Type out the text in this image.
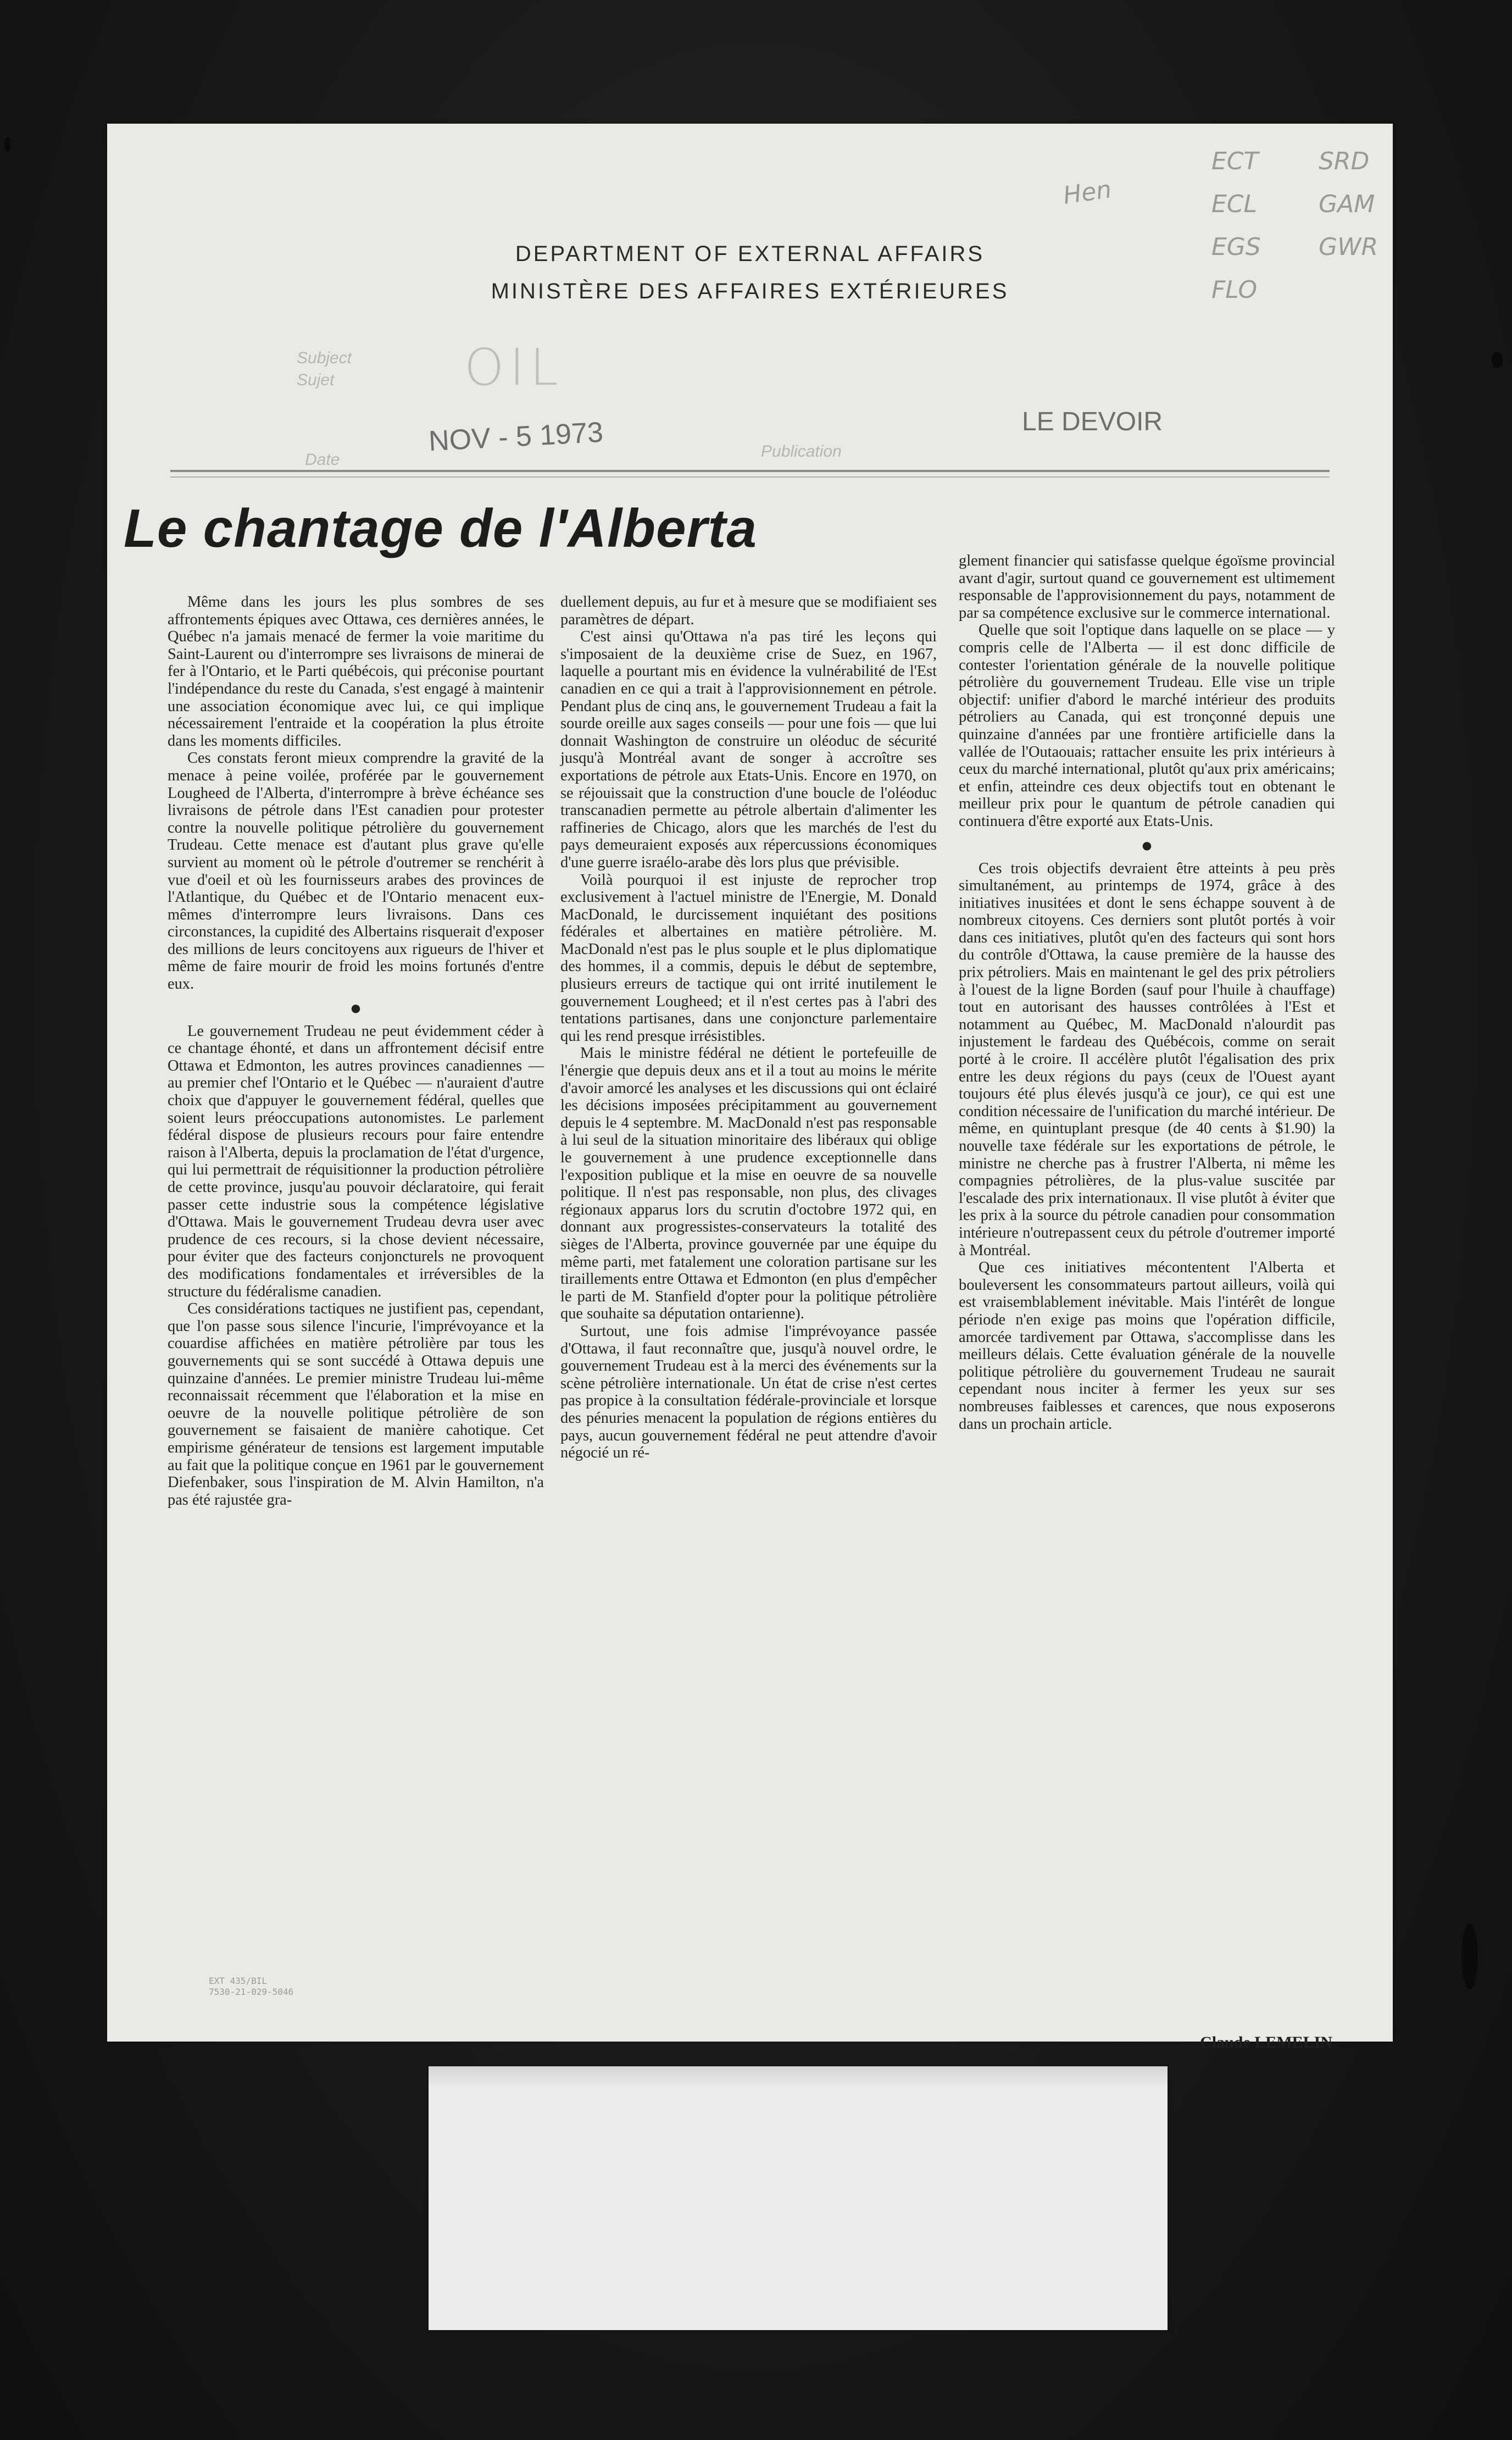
DEPARTMENT OF EXTERNAL AFFAIRS
MINISTÈRE DES AFFAIRES EXTÉRIEURES
Hen
ECT
ECL
EGS
FLO
SRD
GAM
GWR
Subject
Sujet	OIL
Date
NOV - 5 1973	Publication
LE DEVOIR
Le chantage de l'Alberta

Même dans les jours les plus sombres de ses affrontements épiques avec Ottawa, ces dernières années, le Québec n'a jamais menacé de fermer la voie maritime du Saint-Laurent ou d'interrompre ses livraisons de minerai de fer à l'Ontario, et le Parti québécois, qui préconise pourtant l'indépendance du reste du Canada, s'est engagé à maintenir une association économique avec lui, ce qui implique nécessairement l'entraide et la coopération la plus étroite dans les moments difficiles.

Ces constats feront mieux comprendre la gravité de la menace à peine voilée, proférée par le gouvernement Lougheed de l'Alberta, d'interrompre à brève échéance ses livraisons de pétrole dans l'Est canadien pour protester contre la nouvelle politique pétrolière du gouvernement Trudeau. Cette menace est d'autant plus grave qu'elle survient au moment où le pétrole d'outremer se renchérit à vue d'oeil et où les fournisseurs arabes des provinces de l'Atlantique, du Québec et de l'Ontario menacent eux-mêmes d'interrompre leurs livraisons. Dans ces circonstances, la cupidité des Albertains risquerait d'exposer des millions de leurs concitoyens aux rigueurs de l'hiver et même de faire mourir de froid les moins fortunés d'entre eux.

●

Le gouvernement Trudeau ne peut évidemment céder à ce chantage éhonté, et dans un affrontement décisif entre Ottawa et Edmonton, les autres provinces canadiennes — au premier chef l'Ontario et le Québec — n'auraient d'autre choix que d'appuyer le gouvernement fédéral, quelles que soient leurs préoccupations autonomistes. Le parlement fédéral dispose de plusieurs recours pour faire entendre raison à l'Alberta, depuis la proclamation de l'état d'urgence, qui lui permettrait de réquisitionner la production pétrolière de cette province, jusqu'au pouvoir déclaratoire, qui ferait passer cette industrie sous la compétence législative d'Ottawa. Mais le gouvernement Trudeau devra user avec prudence de ces recours, si la chose devient nécessaire, pour éviter que des facteurs conjoncturels ne provoquent des modifications fondamentales et irréversibles de la structure du fédéralisme canadien.

Ces considérations tactiques ne justifient pas, cependant, que l'on passe sous silence l'incurie, l'imprévoyance et la couardise affichées en matière pétrolière par tous les gouvernements qui se sont succédé à Ottawa depuis une quinzaine d'années. Le premier ministre Trudeau lui-même reconnaissait récemment que l'élaboration et la mise en oeuvre de la nouvelle politique pétrolière de son gouvernement se faisaient de manière cahotique. Cet empirisme générateur de tensions est largement imputable au fait que la politique conçue en 1961 par le gouvernement Diefenbaker, sous l'inspiration de M. Alvin Hamilton, n'a pas été rajustée gra-

duellement depuis, au fur et à mesure que se modifiaient ses paramètres de départ.

C'est ainsi qu'Ottawa n'a pas tiré les leçons qui s'imposaient de la deuxième crise de Suez, en 1967, laquelle a pourtant mis en évidence la vulnérabilité de l'Est canadien en ce qui a trait à l'approvisionnement en pétrole. Pendant plus de cinq ans, le gouvernement Trudeau a fait la sourde oreille aux sages conseils — pour une fois — que lui donnait Washington de construire un oléoduc de sécurité jusqu'à Montréal avant de songer à accroître ses exportations de pétrole aux Etats-Unis. Encore en 1970, on se réjouissait que la construction d'une boucle de l'oléoduc transcanadien permette au pétrole albertain d'alimenter les raffineries de Chicago, alors que les marchés de l'est du pays demeuraient exposés aux répercussions économiques d'une guerre israélo-arabe dès lors plus que prévisible.

Voilà pourquoi il est injuste de reprocher trop exclusivement à l'actuel ministre de l'Energie, M. Donald MacDonald, le durcissement inquiétant des positions fédérales et albertaines en matière pétrolière. M. MacDonald n'est pas le plus souple et le plus diplomatique des hommes, il a commis, depuis le début de septembre, plusieurs erreurs de tactique qui ont irrité inutilement le gouvernement Lougheed; et il n'est certes pas à l'abri des tentations partisanes, dans une conjoncture parlementaire qui les rend presque irrésistibles.

Mais le ministre fédéral ne détient le portefeuille de l'énergie que depuis deux ans et il a tout au moins le mérite d'avoir amorcé les analyses et les discussions qui ont éclairé les décisions imposées précipitamment au gouvernement depuis le 4 septembre. M. MacDonald n'est pas responsable à lui seul de la situation minoritaire des libéraux qui oblige le gouvernement à une prudence exceptionnelle dans l'exposition publique et la mise en oeuvre de sa nouvelle politique. Il n'est pas responsable, non plus, des clivages régionaux apparus lors du scrutin d'octobre 1972 qui, en donnant aux progressistes-conservateurs la totalité des sièges de l'Alberta, province gouvernée par une équipe du même parti, met fatalement une coloration partisane sur les tiraillements entre Ottawa et Edmonton (en plus d'empêcher le parti de M. Stanfield d'opter pour la politique pétrolière que souhaite sa députation ontarienne).

Surtout, une fois admise l'imprévoyance passée d'Ottawa, il faut reconnaître que, jusqu'à nouvel ordre, le gouvernement Trudeau est à la merci des événements sur la scène pétrolière internationale. Un état de crise n'est certes pas propice à la consultation fédérale-provinciale et lorsque des pénuries menacent la population de régions entières du pays, aucun gouvernement fédéral ne peut attendre d'avoir négocié un ré-

glement financier qui satisfasse quelque égoïsme provincial avant d'agir, surtout quand ce gouvernement est ultimement responsable de l'approvisionnement du pays, notamment de par sa compétence exclusive sur le commerce international.

Quelle que soit l'optique dans laquelle on se place — y compris celle de l'Alberta — il est donc difficile de contester l'orientation générale de la nouvelle politique pétrolière du gouvernement Trudeau. Elle vise un triple objectif: unifier d'abord le marché intérieur des produits pétroliers au Canada, qui est tronçonné depuis une quinzaine d'années par une frontière artificielle dans la vallée de l'Outaouais; rattacher ensuite les prix intérieurs à ceux du marché international, plutôt qu'aux prix américains; et enfin, atteindre ces deux objectifs tout en obtenant le meilleur prix pour le quantum de pétrole canadien qui continuera d'être exporté aux Etats-Unis.

●

Ces trois objectifs devraient être atteints à peu près simultanément, au printemps de 1974, grâce à des initiatives inusitées et dont le sens échappe souvent à de nombreux citoyens. Ces derniers sont plutôt portés à voir dans ces initiatives, plutôt qu'en des facteurs qui sont hors du contrôle d'Ottawa, la cause première de la hausse des prix pétroliers. Mais en maintenant le gel des prix pétroliers à l'ouest de la ligne Borden (sauf pour l'huile à chauffage) tout en autorisant des hausses contrôlées à l'Est et notamment au Québec, M. MacDonald n'alourdit pas injustement le fardeau des Québécois, comme on serait porté à le croire. Il accélère plutôt l'égalisation des prix entre les deux régions du pays (ceux de l'Ouest ayant toujours été plus élevés jusqu'à ce jour), ce qui est une condition nécessaire de l'unification du marché intérieur. De même, en quintuplant presque (de 40 cents à $1.90) la nouvelle taxe fédérale sur les exportations de pétrole, le ministre ne cherche pas à frustrer l'Alberta, ni même les compagnies pétrolières, de la plus-value suscitée par l'escalade des prix internationaux. Il vise plutôt à éviter que les prix à la source du pétrole canadien pour consommation intérieure n'outrepassent ceux du pétrole d'outremer importé à Montréal.

Que ces initiatives mécontentent l'Alberta et bouleversent les consommateurs partout ailleurs, voilà qui est vraisemblablement inévitable. Mais l'intérêt de longue période n'en exige pas moins que l'opération difficile, amorcée tardivement par Ottawa, s'accomplisse dans les meilleurs délais. Cette évaluation générale de la nouvelle politique pétrolière du gouvernement Trudeau ne saurait cependant nous inciter à fermer les yeux sur ses nombreuses faiblesses et carences, que nous exposerons dans un prochain article.

Claude LEMELIN
EXT 435/BIL
7530-21-029-5046
